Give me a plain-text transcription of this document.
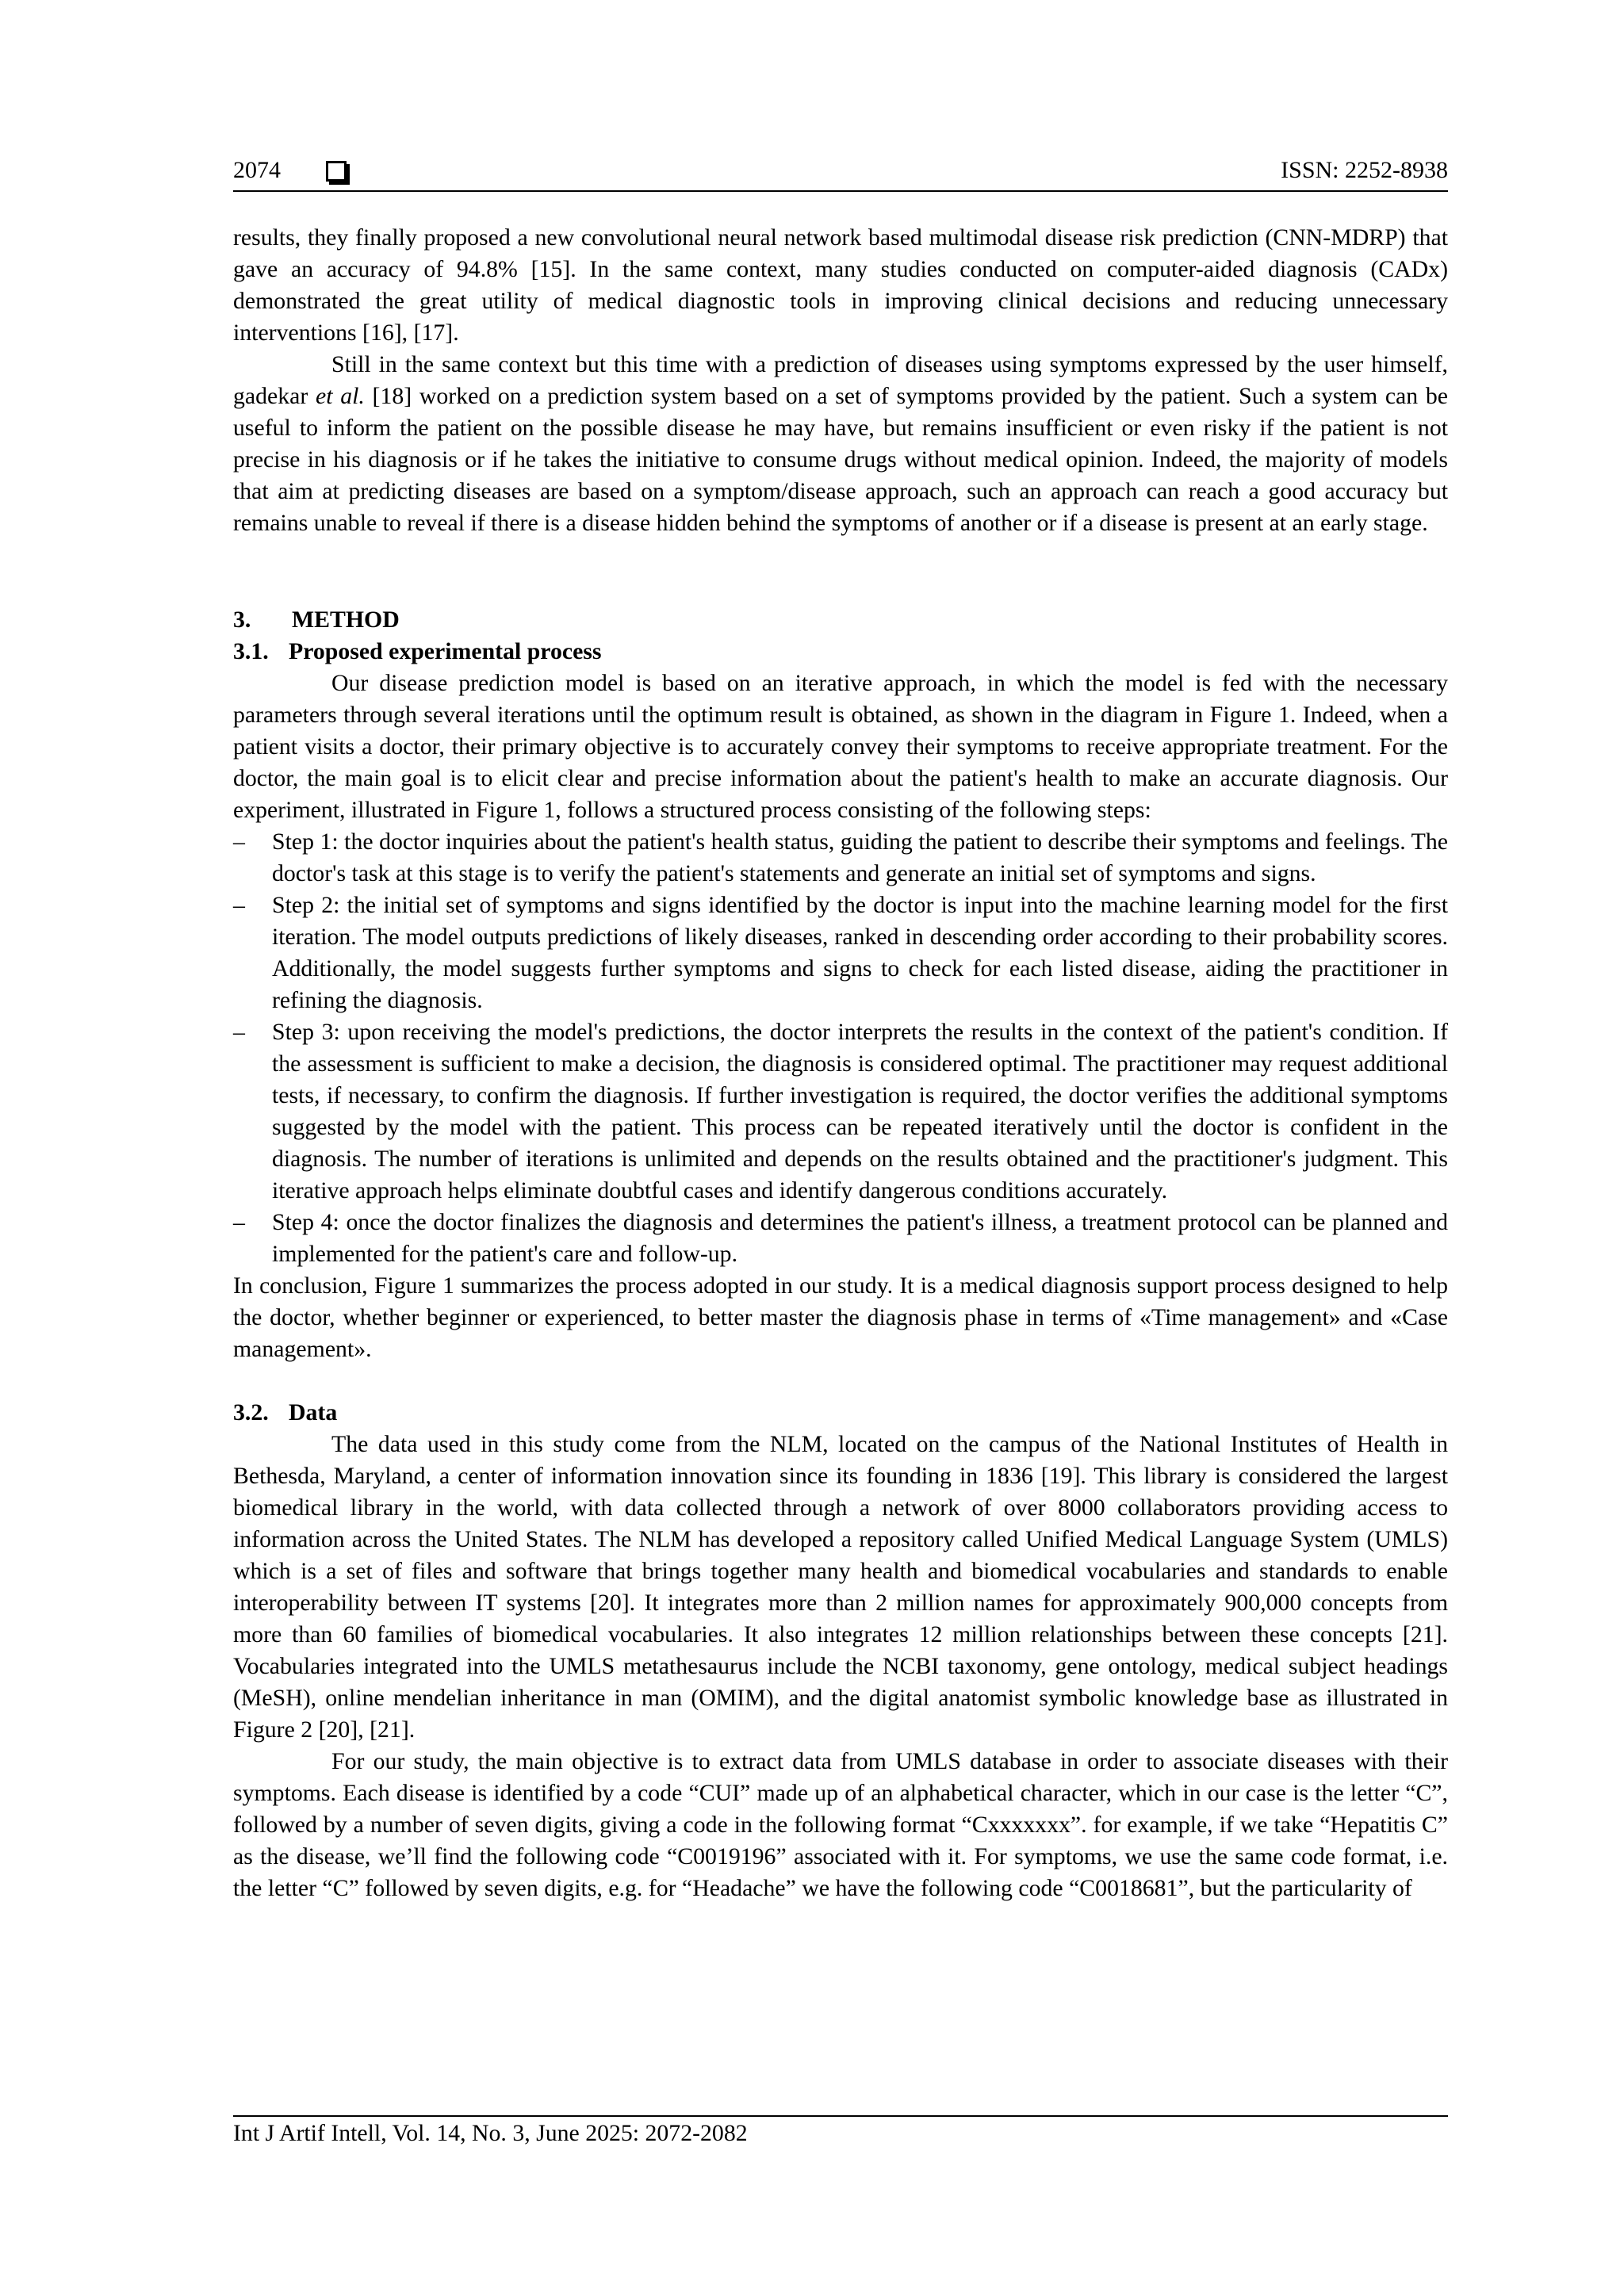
2074	ISSN: 2252-8938

results, they finally proposed a new convolutional neural network based multimodal disease risk prediction (CNN-MDRP) that gave an accuracy of 94.8% [15]. In the same context, many studies conducted on computer-aided diagnosis (CADx) demonstrated the great utility of medical diagnostic tools in improving clinical decisions and reducing unnecessary interventions [16], [17].

Still in the same context but this time with a prediction of diseases using symptoms expressed by the user himself, gadekar et al. [18] worked on a prediction system based on a set of symptoms provided by the patient. Such a system can be useful to inform the patient on the possible disease he may have, but remains insufficient or even risky if the patient is not precise in his diagnosis or if he takes the initiative to consume drugs without medical opinion. Indeed, the majority of models that aim at predicting diseases are based on a symptom/disease approach, such an approach can reach a good accuracy but remains unable to reveal if there is a disease hidden behind the symptoms of another or if a disease is present at an early stage.

3. METHOD
3.1. Proposed experimental process

Our disease prediction model is based on an iterative approach, in which the model is fed with the necessary parameters through several iterations until the optimum result is obtained, as shown in the diagram in Figure 1. Indeed, when a patient visits a doctor, their primary objective is to accurately convey their symptoms to receive appropriate treatment. For the doctor, the main goal is to elicit clear and precise information about the patient's health to make an accurate diagnosis. Our experiment, illustrated in Figure 1, follows a structured process consisting of the following steps:

– Step 1: the doctor inquiries about the patient's health status, guiding the patient to describe their symptoms and feelings. The doctor's task at this stage is to verify the patient's statements and generate an initial set of symptoms and signs.
– Step 2: the initial set of symptoms and signs identified by the doctor is input into the machine learning model for the first iteration. The model outputs predictions of likely diseases, ranked in descending order according to their probability scores. Additionally, the model suggests further symptoms and signs to check for each listed disease, aiding the practitioner in refining the diagnosis.
– Step 3: upon receiving the model's predictions, the doctor interprets the results in the context of the patient's condition. If the assessment is sufficient to make a decision, the diagnosis is considered optimal. The practitioner may request additional tests, if necessary, to confirm the diagnosis. If further investigation is required, the doctor verifies the additional symptoms suggested by the model with the patient. This process can be repeated iteratively until the doctor is confident in the diagnosis. The number of iterations is unlimited and depends on the results obtained and the practitioner's judgment. This iterative approach helps eliminate doubtful cases and identify dangerous conditions accurately.
– Step 4: once the doctor finalizes the diagnosis and determines the patient's illness, a treatment protocol can be planned and implemented for the patient's care and follow-up.

In conclusion, Figure 1 summarizes the process adopted in our study. It is a medical diagnosis support process designed to help the doctor, whether beginner or experienced, to better master the diagnosis phase in terms of «Time management» and «Case management».

3.2. Data

The data used in this study come from the NLM, located on the campus of the National Institutes of Health in Bethesda, Maryland, a center of information innovation since its founding in 1836 [19]. This library is considered the largest biomedical library in the world, with data collected through a network of over 8000 collaborators providing access to information across the United States. The NLM has developed a repository called Unified Medical Language System (UMLS) which is a set of files and software that brings together many health and biomedical vocabularies and standards to enable interoperability between IT systems [20]. It integrates more than 2 million names for approximately 900,000 concepts from more than 60 families of biomedical vocabularies. It also integrates 12 million relationships between these concepts [21]. Vocabularies integrated into the UMLS metathesaurus include the NCBI taxonomy, gene ontology, medical subject headings (MeSH), online mendelian inheritance in man (OMIM), and the digital anatomist symbolic knowledge base as illustrated in Figure 2 [20], [21].

For our study, the main objective is to extract data from UMLS database in order to associate diseases with their symptoms. Each disease is identified by a code “CUI” made up of an alphabetical character, which in our case is the letter “C”, followed by a number of seven digits, giving a code in the following format “Cxxxxxxx”. for example, if we take “Hepatitis C” as the disease, we’ll find the following code “C0019196” associated with it. For symptoms, we use the same code format, i.e. the letter “C” followed by seven digits, e.g. for “Headache” we have the following code “C0018681”, but the particularity of

Int J Artif Intell, Vol. 14, No. 3, June 2025: 2072-2082
